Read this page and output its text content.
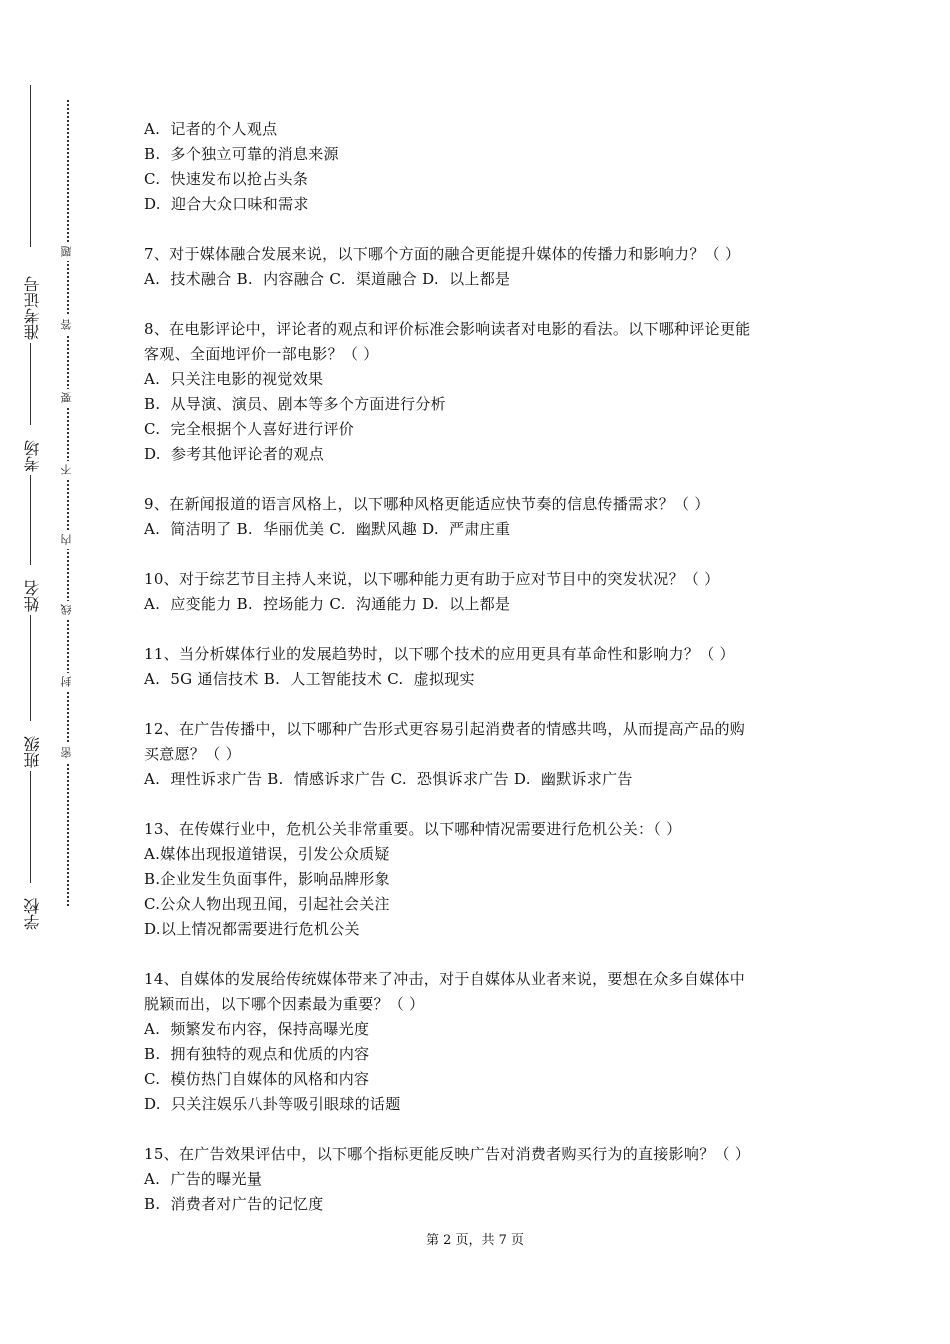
准考证号
考场
姓名
班级
学校
题
答
要
不
内
线
封
密

A.  记者的个人观点

B.  多个独立可靠的消息来源

C.  快速发布以抢占头条

D.  迎合大众口味和需求

7、对于媒体融合发展来说，以下哪个方面的融合更能提升媒体的传播力和影响力？（ ）

A.  技术融合 B.  内容融合 C.  渠道融合 D.  以上都是

8、在电影评论中，评论者的观点和评价标准会影响读者对电影的看法。以下哪种评论更能

客观、全面地评价一部电影？（ ）

A.  只关注电影的视觉效果

B.  从导演、演员、剧本等多个方面进行分析

C.  完全根据个人喜好进行评价

D.  参考其他评论者的观点

9、在新闻报道的语言风格上，以下哪种风格更能适应快节奏的信息传播需求？（ ）

A.  简洁明了 B.  华丽优美 C.  幽默风趣 D.  严肃庄重

10、对于综艺节目主持人来说，以下哪种能力更有助于应对节目中的突发状况？（ ）

A.  应变能力 B.  控场能力 C.  沟通能力 D.  以上都是

11、当分析媒体行业的发展趋势时，以下哪个技术的应用更具有革命性和影响力？（ ）

A.  5G 通信技术 B.  人工智能技术 C.  虚拟现实

12、在广告传播中，以下哪种广告形式更容易引起消费者的情感共鸣，从而提高产品的购

买意愿？（ ）

A.  理性诉求广告 B.  情感诉求广告 C.  恐惧诉求广告 D.  幽默诉求广告

13、在传媒行业中，危机公关非常重要。以下哪种情况需要进行危机公关：（ ）

A.媒体出现报道错误，引发公众质疑

B.企业发生负面事件，影响品牌形象

C.公众人物出现丑闻，引起社会关注

D.以上情况都需要进行危机公关

14、自媒体的发展给传统媒体带来了冲击，对于自媒体从业者来说，要想在众多自媒体中

脱颖而出，以下哪个因素最为重要？（ ）

A.  频繁发布内容，保持高曝光度

B.  拥有独特的观点和优质的内容

C.  模仿热门自媒体的风格和内容

D.  只关注娱乐八卦等吸引眼球的话题

15、在广告效果评估中，以下哪个指标更能反映广告对消费者购买行为的直接影响？（ ）

A.  广告的曝光量

B.  消费者对广告的记忆度

第 2 页，共 7 页
